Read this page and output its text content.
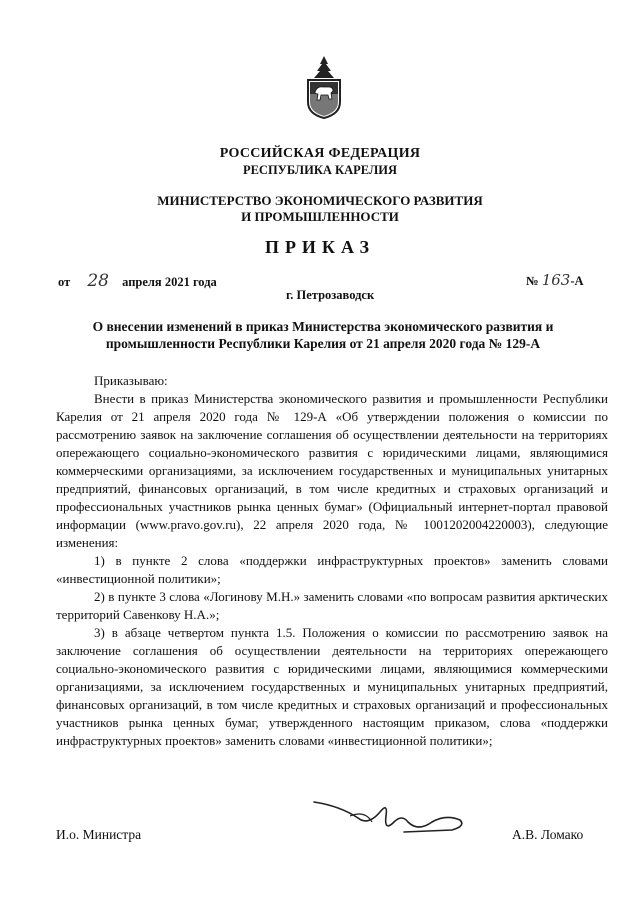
РОССИЙСКАЯ ФЕДЕРАЦИЯ
РЕСПУБЛИКА КАРЕЛИЯ
МИНИСТЕРСТВО ЭКОНОМИЧЕСКОГО РАЗВИТИЯ
И ПРОМЫШЛЕННОСТИ
ПРИКАЗ
от 28 апреля 2021 года	№ 163-А
г. Петрозаводск
О внесении изменений в приказ Министерства экономического развития и промышленности Республики Карелия от 21 апреля 2020 года № 129-А

Приказываю:

Внести в приказ Министерства экономического развития и промышленности Республики Карелия от 21 апреля 2020 года № 129-А «Об утверждении положения о комиссии по рассмотрению заявок на заключение соглашения об осуществлении деятельности на территориях опережающего социально-экономического развития с юридическими лицами, являющимися коммерческими организациями, за исключением государственных и муниципальных унитарных предприятий, финансовых организаций, в том числе кредитных и страховых организаций и профессиональных участников рынка ценных бумаг» (Официальный интернет-портал правовой информации (www.pravo.gov.ru), 22 апреля 2020 года, № 1001202004220003), следующие изменения:

1) в пункте 2 слова «поддержки инфраструктурных проектов» заменить словами «инвестиционной политики»;

2) в пункте 3 слова «Логинову М.Н.» заменить словами «по вопросам развития арктических территорий Савенкову Н.А.»;

3) в абзаце четвертом пункта 1.5. Положения о комиссии по рассмотрению заявок на заключение соглашения об осуществлении деятельности на территориях опережающего социально-экономического развития с юридическими лицами, являющимися коммерческими организациями, за исключением государственных и муниципальных унитарных предприятий, финансовых организаций, в том числе кредитных и страховых организаций и профессиональных участников рынка ценных бумаг, утвержденного настоящим приказом, слова «поддержки инфраструктурных проектов» заменить словами «инвестиционной политики»;

И.о. Министра	А.В. Ломако
